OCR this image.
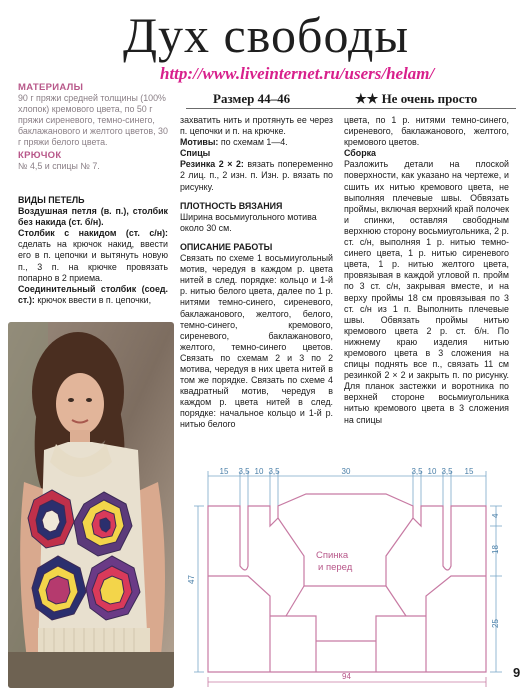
Дух свободы
http://www.liveinternet.ru/users/helam/
Размер 44–46	★★ Не очень просто
МАТЕРИАЛЫ
90 г пряжи средней толщины (100% хлопок) кремового цвета, по 50 г пряжи сиреневого, темно-синего, баклажанового и желтого цветов, 30 г пряжи белого цвета.
КРЮЧОК
№ 4,5 и спицы № 7.
ВИДЫ ПЕТЕЛЬ
Воздушная петля (в. п.), столбик без накида (ст. б/н).
Столбик с накидом (ст. с/н): сделать на крючок накид, ввести его в п. цепочки и вытянуть новую п., 3 п. на крючке провязать попарно в 2 приема.
Соединительный столбик (соед. ст.): крючок ввести в п. цепочки,
захватить нить и протянуть ее через п. цепочки и п. на крючке.
Мотивы: по схемам 1—4.
Спицы
Резинка 2 × 2: вязать попеременно 2 лиц. п., 2 изн. п. Изн. р. вязать по рисунку.
ПЛОТНОСТЬ ВЯЗАНИЯ
Ширина восьмиугольного мотива около 30 см.
ОПИСАНИЕ РАБОТЫ
Связать по схеме 1 восьмиугольный мотив, чередуя в каждом р. цвета нитей в след. порядке: кольцо и 1-й р. нитью белого цвета, далее по 1 р. нитями темно-синего, сиреневого, баклажанового, желтого, белого, темно-синего, кремового, сиреневого, баклажанового, желтого, темно-синего цветов. Связать по схемам 2 и 3 по 2 мотива, чередуя в них цвета нитей в том же порядке. Связать по схеме 4 квадратный мотив, чередуя в каждом р. цвета нитей в след. порядке: начальное кольцо и 1-й р. нитью белого
цвета, по 1 р. нитями темно-синего, сиреневого, баклажанового, желтого, кремового цветов.
Сборка
Разложить детали на плоской поверхности, как указано на чертеже, и сшить их нитью кремового цвета, не выполняя плечевые швы. Обвязать проймы, включая верхний край полочек и спинки, оставляя свободным верхнюю сторону восьмиугольника, 2 р. ст. с/н, выполняя 1 р. нитью темно-синего цвета, 1 р. нитью сиреневого цвета, 1 р. нитью желтого цвета, провязывая в каждой угловой п. пройм по 3 ст. с/н, закрывая вместе, и на верху проймы 18 см провязывая по 3 ст. с/н из 1 п. Выполнить плечевые швы. Обвязать проймы нитью кремового цвета 2 р. ст. б/н. По нижнему краю изделия нитью кремового цвета в 3 сложения на спицы поднять все п., связать 11 см резинкой 2 × 2 и закрыть п. по рисунку. Для планок застежки и воротника по верхней стороне восьмиугольника нитью кремового цвета в 3 сложения на спицы
15 3,5 10 3,5	30	3,5 10 3,5 15
Спинка
и перед
4
18
25
47
94	9
